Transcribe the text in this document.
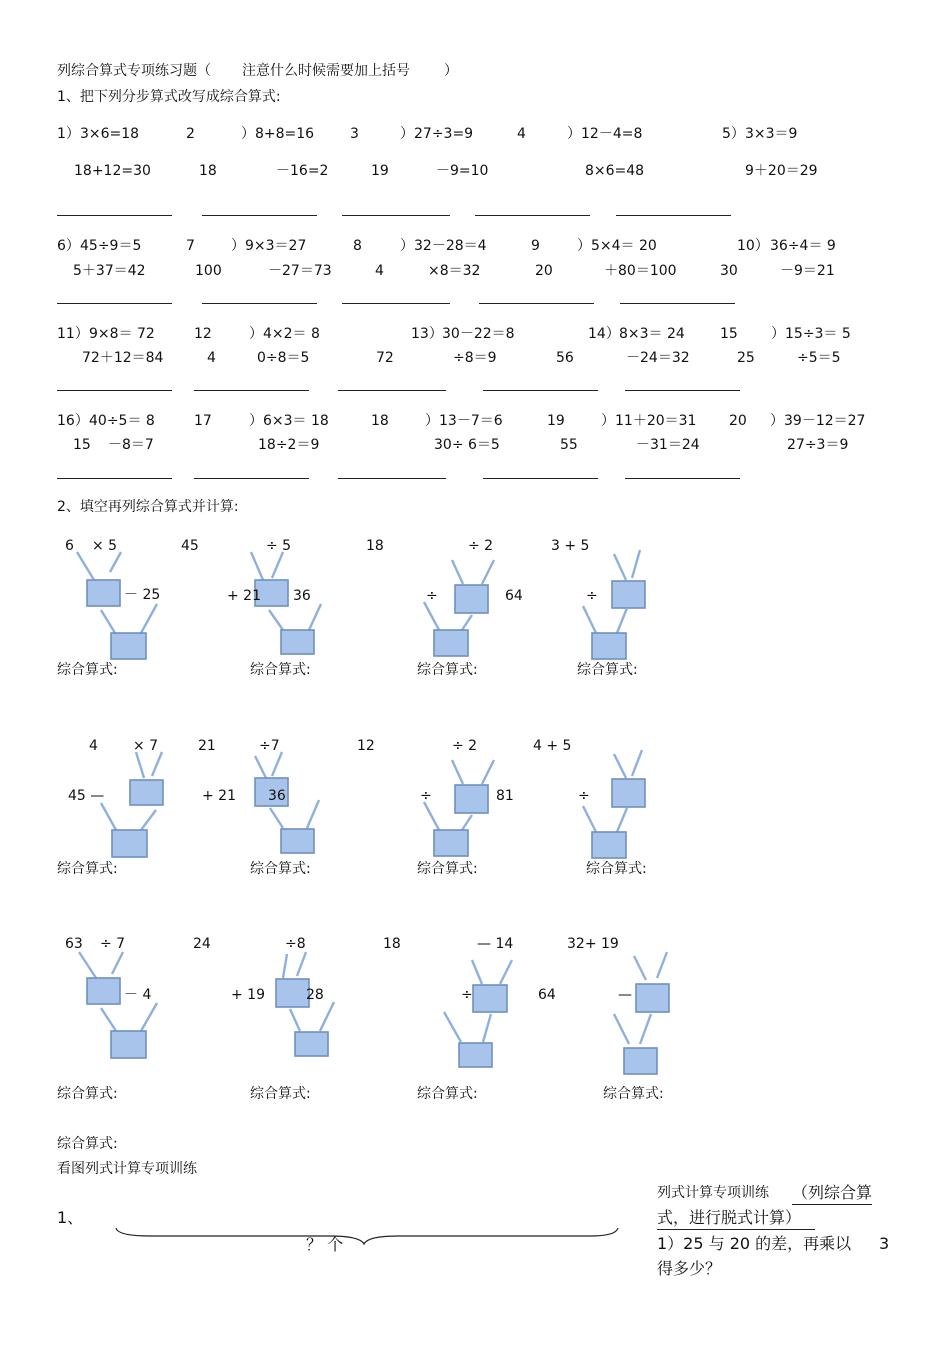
列综合算式专项练习题（ 注意什么时候需要加上括号 ）
1、把下列分步算式改写成综合算式:
1） 3×6=18
18+12=30
2	）8+8=16
18	－16=2
3	）27÷3=9
19	－9=10
4	）12－4=8
8×6=48
5） 3×3＝9
9＋20＝29
6） 45÷9＝5
5＋37＝42
7	）9×3＝27
100	－27＝73
8	）32－28＝4
4	×8＝32
9	）5×4＝ 20
20	＋80＝100
10） 36÷4＝ 9
30	－9＝21
11） 9×8＝ 72
72＋12＝84
12	）4×2＝ 8
4	0÷8＝5
13） 30－22＝8
72	÷8＝9
14） 8×3＝ 24
56	－24＝32
15 ）15÷3＝ 5
25	÷5＝5
16） 40÷5＝ 8
15 －8＝7
17	）6×3＝ 18
18÷2＝9
18	）13－7＝6
30÷ 6＝5
19	）11＋20＝31
55	－31＝24
20 ）39－12＝27
27÷3＝9
2、填空再列综合算式并计算:
6 × 5
－ 25
45	÷ 5
+ 21 36
18	÷ 2
÷	64
3 + 5
÷
综合算式:	综合算式:	综合算式:	综合算式:
4	× 7
45 —
21	÷7
+ 21 36
12	÷ 2
÷	81
4 + 5
÷
综合算式:	综合算式:	综合算式:	综合算式:
63 ÷ 7
－ 4
24	÷8
+ 19	28
18	— 14
÷	64
32+ 19
—
综合算式:	综合算式:	综合算式:	综合算式:
综合算式:
看图列式计算专项训练
1、
？ 个
列式计算专项训练 （列综合算
式，进行脱式计算）
1）25 与 20 的差，再乘以 3
得多少？
